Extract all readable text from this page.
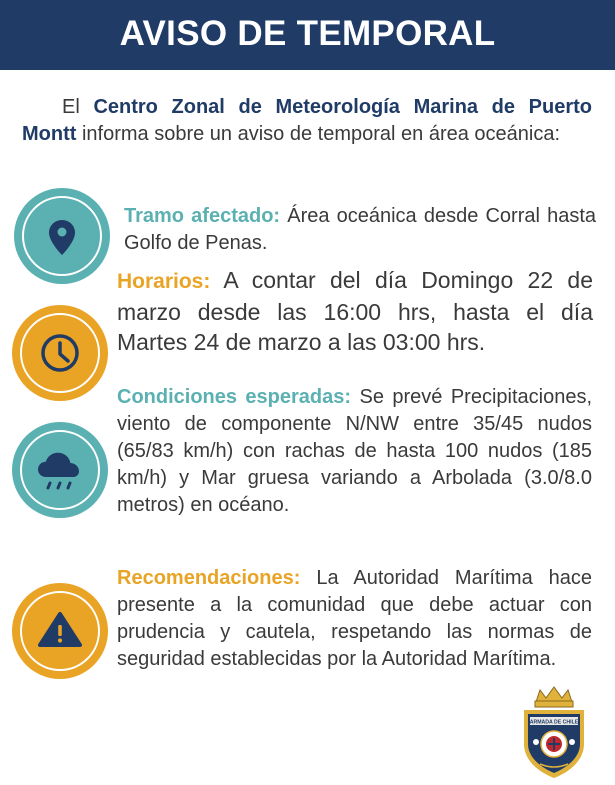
AVISO DE TEMPORAL
El Centro Zonal de Meteorología Marina de Puerto Montt informa sobre un aviso de temporal en área oceánica:
Tramo afectado: Área oceánica desde Corral hasta Golfo de Penas.
Horarios: A contar del día Domingo 22 de marzo desde las 16:00 hrs, hasta el día Martes 24 de marzo a las 03:00 hrs.
Condiciones esperadas: Se prevé Precipitaciones, viento de componente N/NW entre 35/45 nudos (65/83 km/h) con rachas de hasta 100 nudos (185 km/h) y Mar gruesa variando a Arbolada (3.0/8.0 metros) en océano.
Recomendaciones: La Autoridad Marítima hace presente a la comunidad que debe actuar con prudencia y cautela, respetando las normas de seguridad establecidas por la Autoridad Marítima.
ARMADA DE CHILE
